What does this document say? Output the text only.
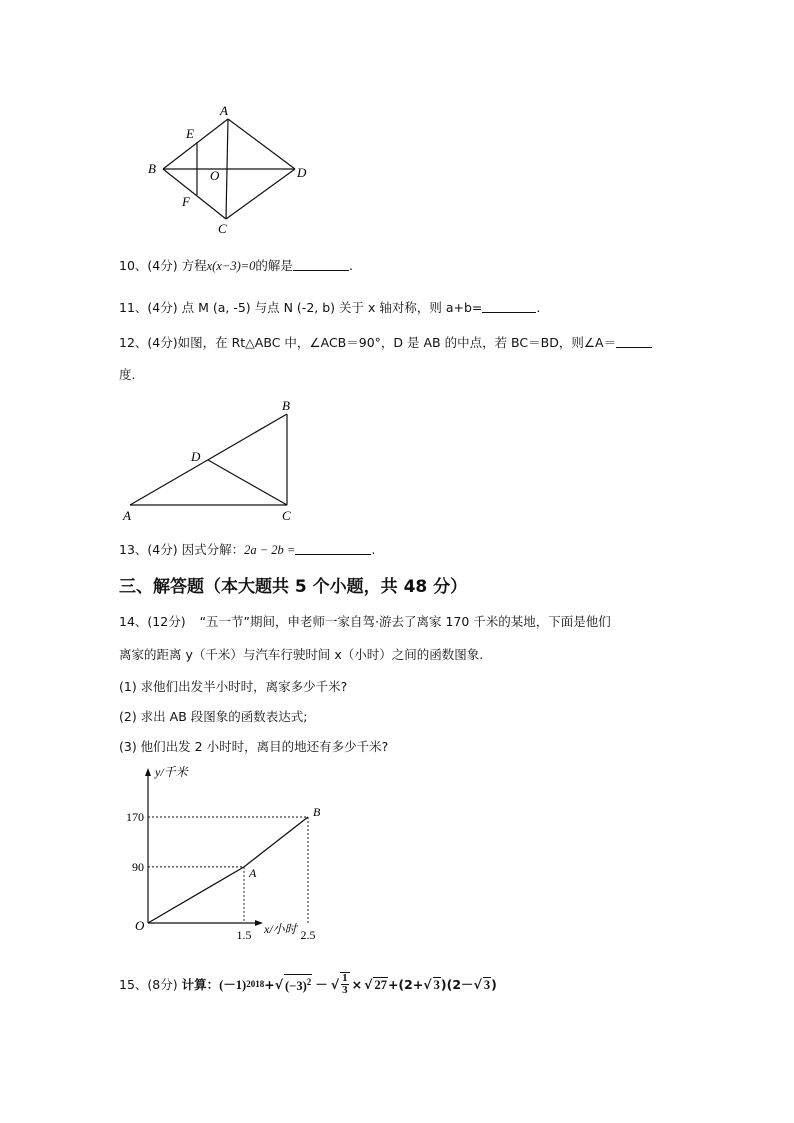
A
B
C
D
E
F
O
10、(4分) 方程x(x−3)=0的解是	.
11、(4分) 点 M (a, -5) 与点 N (-2, b) 关于 x 轴对称，则 a+b=	.
12、(4分)如图，在 Rt△ABC 中，∠ACB＝90°，D 是 AB 的中点，若 BC＝BD，则∠A＝
度.
A
B
C
D
13、(4分) 因式分解：2a − 2b =	.
三、解答题（本大题共 5 个小题，共 48 分）
14、(12分) “五一节”期间，申老师一家自驾·游去了离家 170 千米的某地，下面是他们
离家的距离 y（千米）与汽车行驶时间 x（小时）之间的函数图象.
(1) 求他们出发半小时时，离家多少千米?
(2) 求出 AB 段图象的函数表达式;
(3) 他们出发 2 小时时，离目的地还有多少千米?
x/小时
y/千米
O
90
170
1.5	2.5
A
B
15、 (8分) 计算： (－1) 2018 + √ $(-3)^2$ － √ $\frac{1}{3}$ × √ 27 +(2+ √ 3 )(2－ √ 3 )
